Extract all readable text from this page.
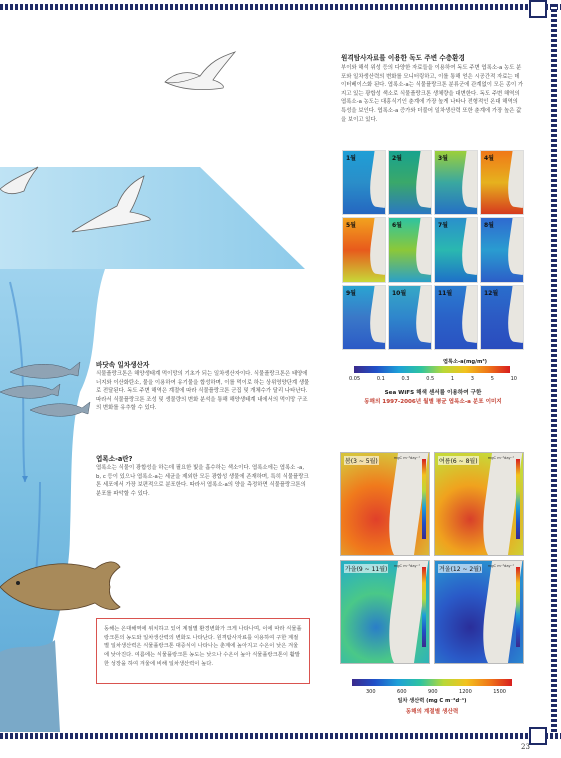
원격탐사자료를 이용한 독도 주변 수층환경

부이와 해석 위성 등의 다양한 자료들을 이용하여 독도 주변 엽록소-a 농도 분포와 일차생산력의 변화를 모니터링하고, 이를 통해 얻은 시공간적 자료는 데이터베이스화 된다. 엽록소-a는 식물플랑크톤 분류군에 관계없이 모든 종이 가지고 있는 광합성 색소로 식물플랑크톤 생체량을 대변한다. 독도 주변 해역의 엽록소-a 농도는 대흥식기인 춘계에 가장 높게 나타나 전형적인 온대 해역의 특성을 보인다. 엽록소-a 증가와 더불어 일차생산력 또한 춘계에 가장 높은 값을 보이고 있다.

1월	2월	3월	4월
5월	6월	7월	8월
9월	10월	11월	12월
엽록소-a(mg/m³)
0.05	0.1	0.3	0.5	1	3	5	10
Sea WiFS 해색 센서를 이용하여 구한
동해의 1997-2006년 월별 평균 엽록소-a 분포 이미지
바닷속 일차생산자

식물플랑크톤은 해양생태계 먹이망의 기초가 되는 일차생산자이다. 식물플랑크톤은 태양에너지와 이산화탄소, 물을 이용하여 유기물을 합성하며, 이를 먹이로 하는 상위영양단계 생물로 전달된다. 독도 주변 해역은 계절에 따라 식물플랑크톤 군집 및 개체수가 달리 나타난다. 따라서 식물플랑크톤 조성 및 생물량의 변화 분석을 통해 해양생태계 내에서의 먹이망 구조의 변화를 유추할 수 있다.

엽록소-a란?

엽록소는 식물이 광합성을 하는데 필요한 빛을 흡수하는 색소이다. 엽록소에는 엽록소 -a, b, c 등이 있으나 엽록소-a는 세균을 제외한 모든 광합성 생물에 존재하며, 특히 식물플랑크톤 세포에서 가장 보편적으로 분포한다. 따라서 엽록소-a의 양을 측정하면 식물플랑크톤의 분포를 파악할 수 있다.

mgC m⁻²day⁻¹
봄(3 ~ 5월)	mgC m⁻²day⁻¹
여름(6 ~ 8월)
mgC m⁻²day⁻¹
가을(9 ~ 11월)	mgC m⁻²day⁻¹
겨울(12 ~ 2월)
300	600	900	1200	1500
일차 생산력 (mg C m⁻²d⁻¹)
동해의 계절별 생산력

동해는 온대해역에 위치하고 있어 계절별 환경변화가 크게 나타나며, 이에 따라 식물플랑크톤의 농도와 일차생산력의 변화도 나타난다. 원격탐사자료를 이용하여 구한 계절별 일차생산력은 식물플랑크톤 대증식이 나타나는 춘계에 높아지고 수온이 낮은 겨울에 낮아진다. 여름에는 식물플랑크톤 농도는 낮으나 수온이 높아 식물플랑크톤이 활발한 성장을 하여 겨울에 비해 일차생산력이 높다.

23
